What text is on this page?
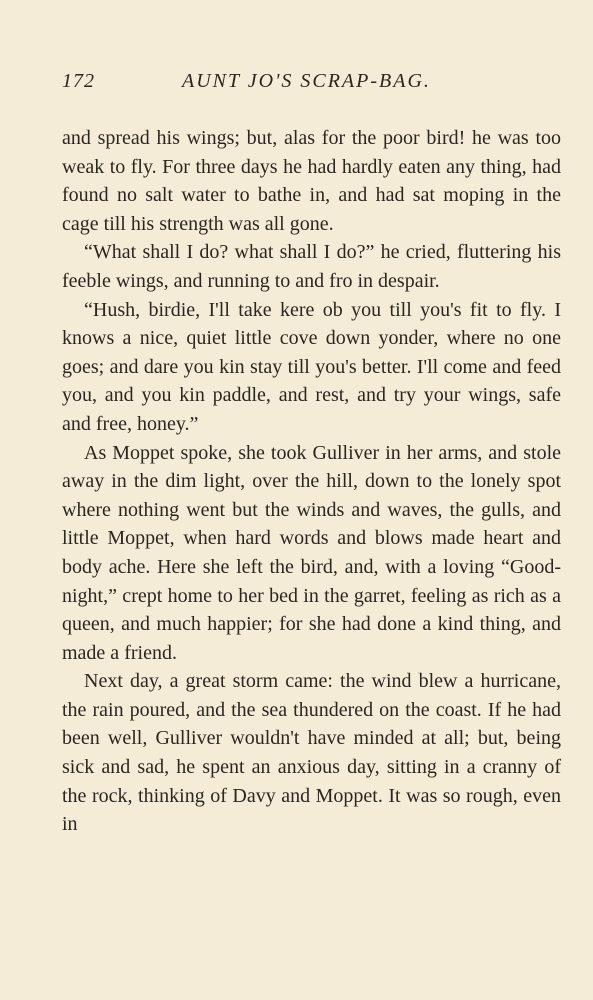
172	AUNT JO'S SCRAP-BAG.

and spread his wings; but, alas for the poor bird! he was too weak to fly. For three days he had hardly eaten any thing, had found no salt water to bathe in, and had sat moping in the cage till his strength was all gone.

“What shall I do? what shall I do?” he cried, fluttering his feeble wings, and running to and fro in despair.

“Hush, birdie, I'll take kere ob you till you's fit to fly. I knows a nice, quiet little cove down yonder, where no one goes; and dare you kin stay till you's better. I'll come and feed you, and you kin paddle, and rest, and try your wings, safe and free, honey.”

As Moppet spoke, she took Gulliver in her arms, and stole away in the dim light, over the hill, down to the lonely spot where nothing went but the winds and waves, the gulls, and little Moppet, when hard words and blows made heart and body ache. Here she left the bird, and, with a loving “Good-night,” crept home to her bed in the garret, feeling as rich as a queen, and much happier; for she had done a kind thing, and made a friend.

Next day, a great storm came: the wind blew a hurricane, the rain poured, and the sea thundered on the coast. If he had been well, Gulliver wouldn't have minded at all; but, being sick and sad, he spent an anxious day, sitting in a cranny of the rock, thinking of Davy and Moppet. It was so rough, even in
